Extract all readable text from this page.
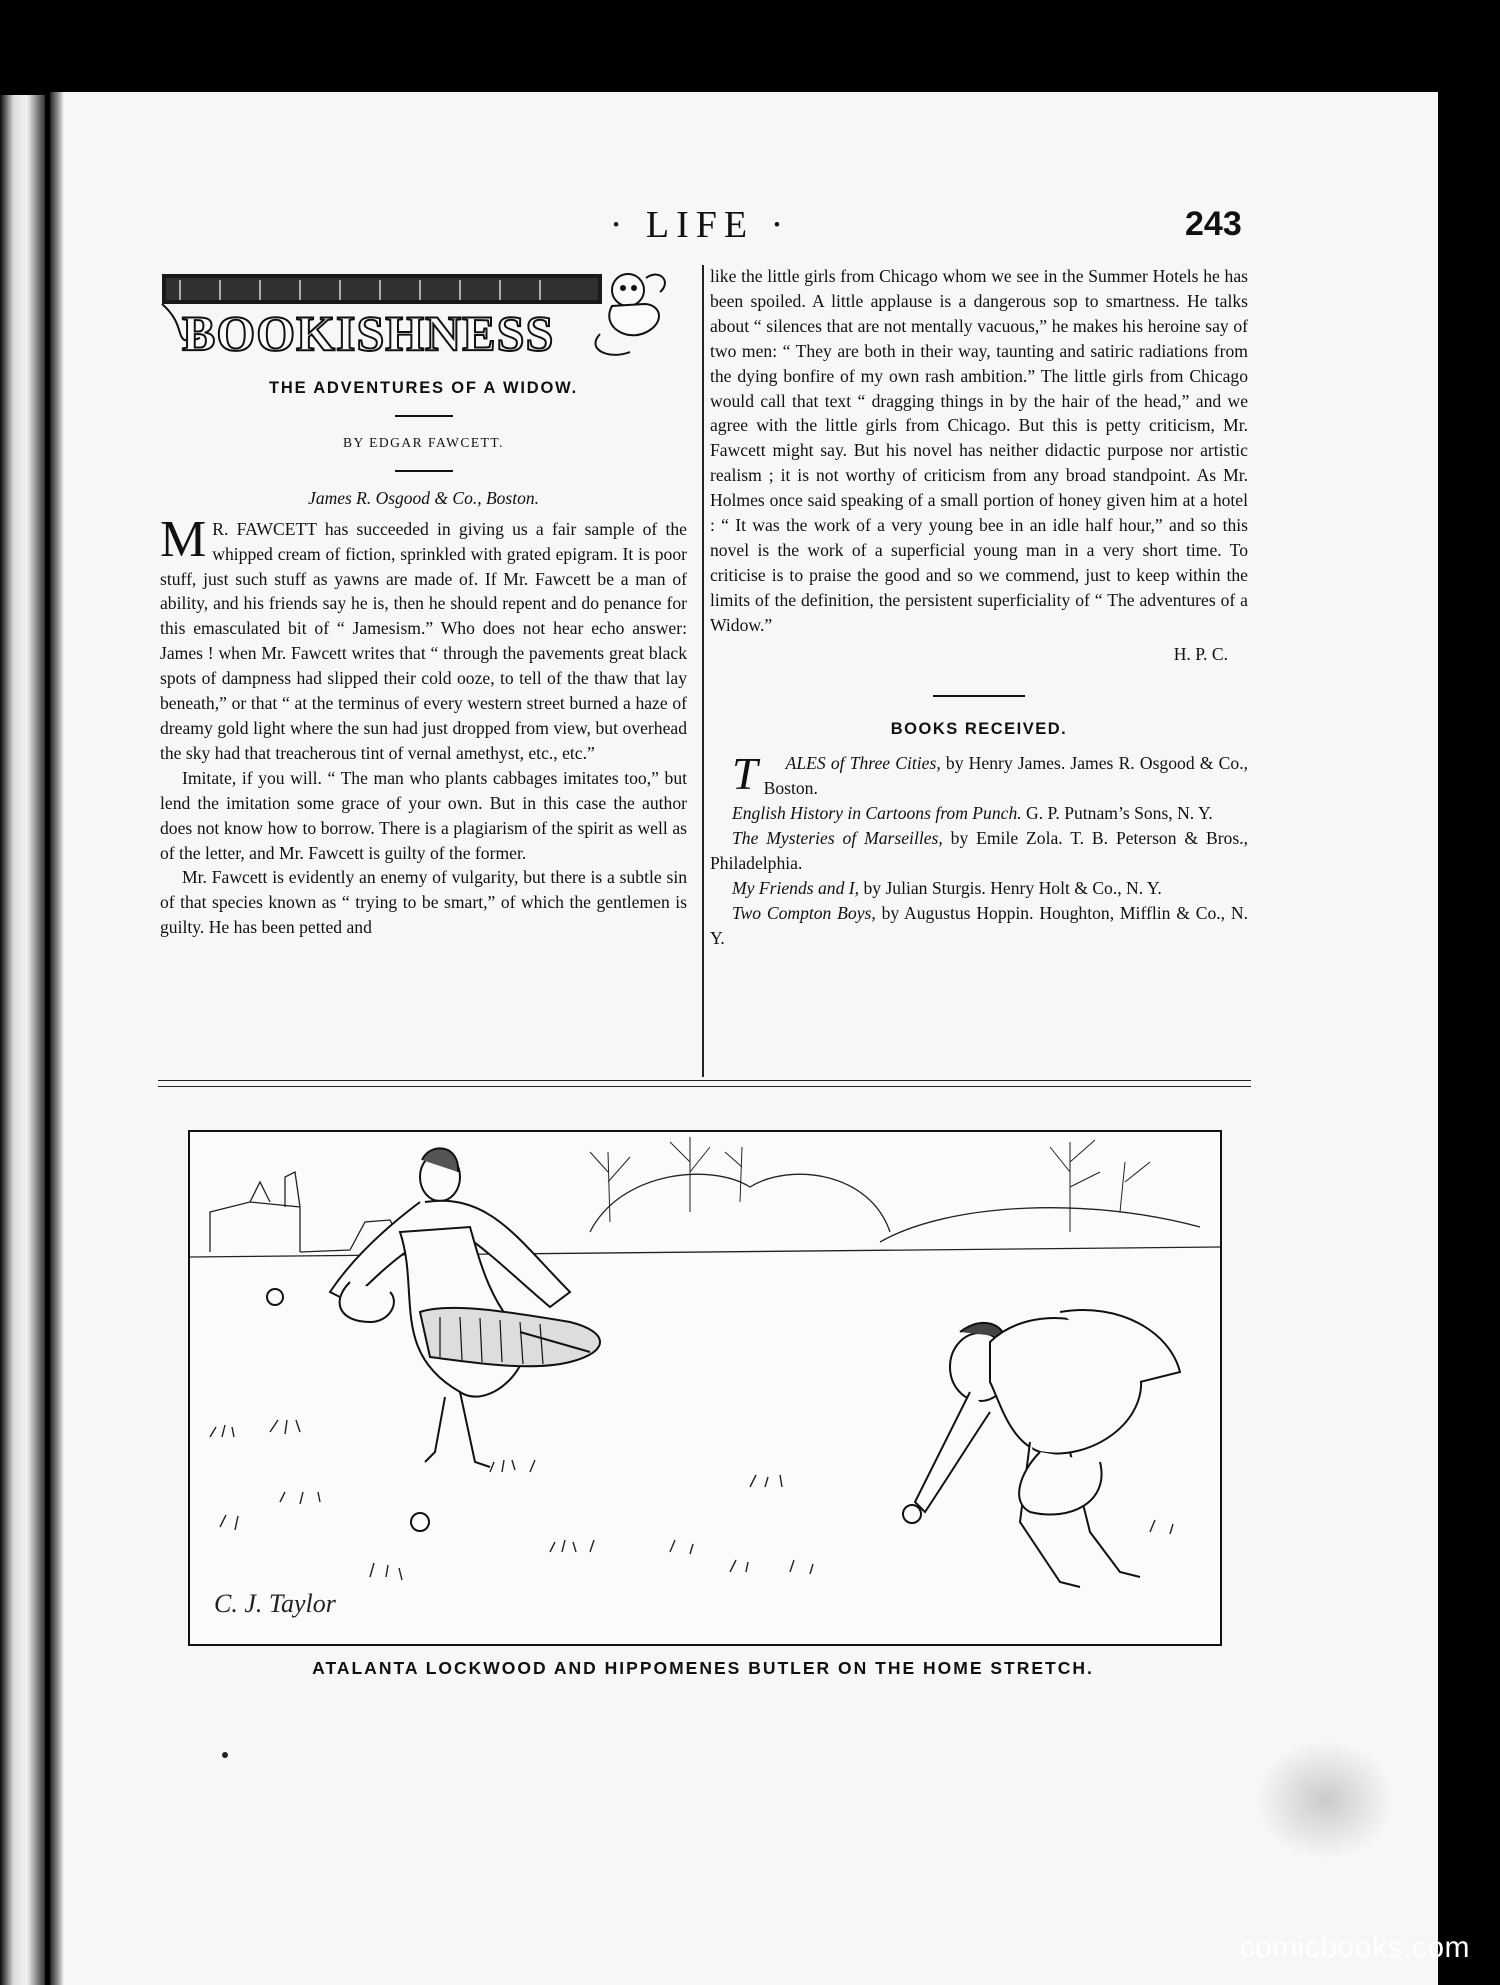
· LIFE ·	243
BOOKISHNESS
THE ADVENTURES OF A WIDOW.
BY EDGAR FAWCETT.
James R. Osgood & Co., Boston.

M R. FAWCETT has succeeded in giving us a fair sample of the whipped cream of fiction, sprinkled with grated epigram. It is poor stuff, just such stuff as yawns are made of. If Mr. Fawcett be a man of ability, and his friends say he is, then he should repent and do penance for this emasculated bit of “ Jamesism.” Who does not hear echo answer: James ! when Mr. Fawcett writes that “ through the pavements great black spots of dampness had slipped their cold ooze, to tell of the thaw that lay beneath,” or that “ at the terminus of every western street burned a haze of dreamy gold light where the sun had just dropped from view, but overhead the sky had that treacherous tint of vernal amethyst, etc., etc.”

Imitate, if you will. “ The man who plants cabbages imitates too,” but lend the imitation some grace of your own. But in this case the author does not know how to borrow. There is a plagiarism of the spirit as well as of the letter, and Mr. Fawcett is guilty of the former.

Mr. Fawcett is evidently an enemy of vulgarity, but there is a subtle sin of that species known as “ trying to be smart,” of which the gentlemen is guilty. He has been petted and

like the little girls from Chicago whom we see in the Summer Hotels he has been spoiled. A little applause is a dangerous sop to smartness. He talks about “ silences that are not mentally vacuous,” he makes his heroine say of two men: “ They are both in their way, taunting and satiric radiations from the dying bonfire of my own rash ambition.” The little girls from Chicago would call that text “ dragging things in by the hair of the head,” and we agree with the little girls from Chicago. But this is petty criticism, Mr. Fawcett might say. But his novel has neither didactic purpose nor artistic realism ; it is not worthy of criticism from any broad standpoint. As Mr. Holmes once said speaking of a small portion of honey given him at a hotel : “ It was the work of a very young bee in an idle half hour,” and so this novel is the work of a superficial young man in a very short time. To criticise is to praise the good and so we commend, just to keep within the limits of the definition, the persistent superficiality of “ The adventures of a Widow.”

H. P. C.
BOOKS RECEIVED.

T ALES of Three Cities, by Henry James. James R. Osgood & Co., Boston.

English History in Cartoons from Punch. G. P. Putnam’s Sons, N. Y.

The Mysteries of Marseilles, by Emile Zola. T. B. Peterson & Bros., Philadelphia.

My Friends and I, by Julian Sturgis. Henry Holt & Co., N. Y.

Two Compton Boys, by Augustus Hoppin. Houghton, Mifflin & Co., N. Y.

C. J. Taylor
ATALANTA LOCKWOOD AND HIPPOMENES BUTLER ON THE HOME STRETCH.
comicbooks.com
